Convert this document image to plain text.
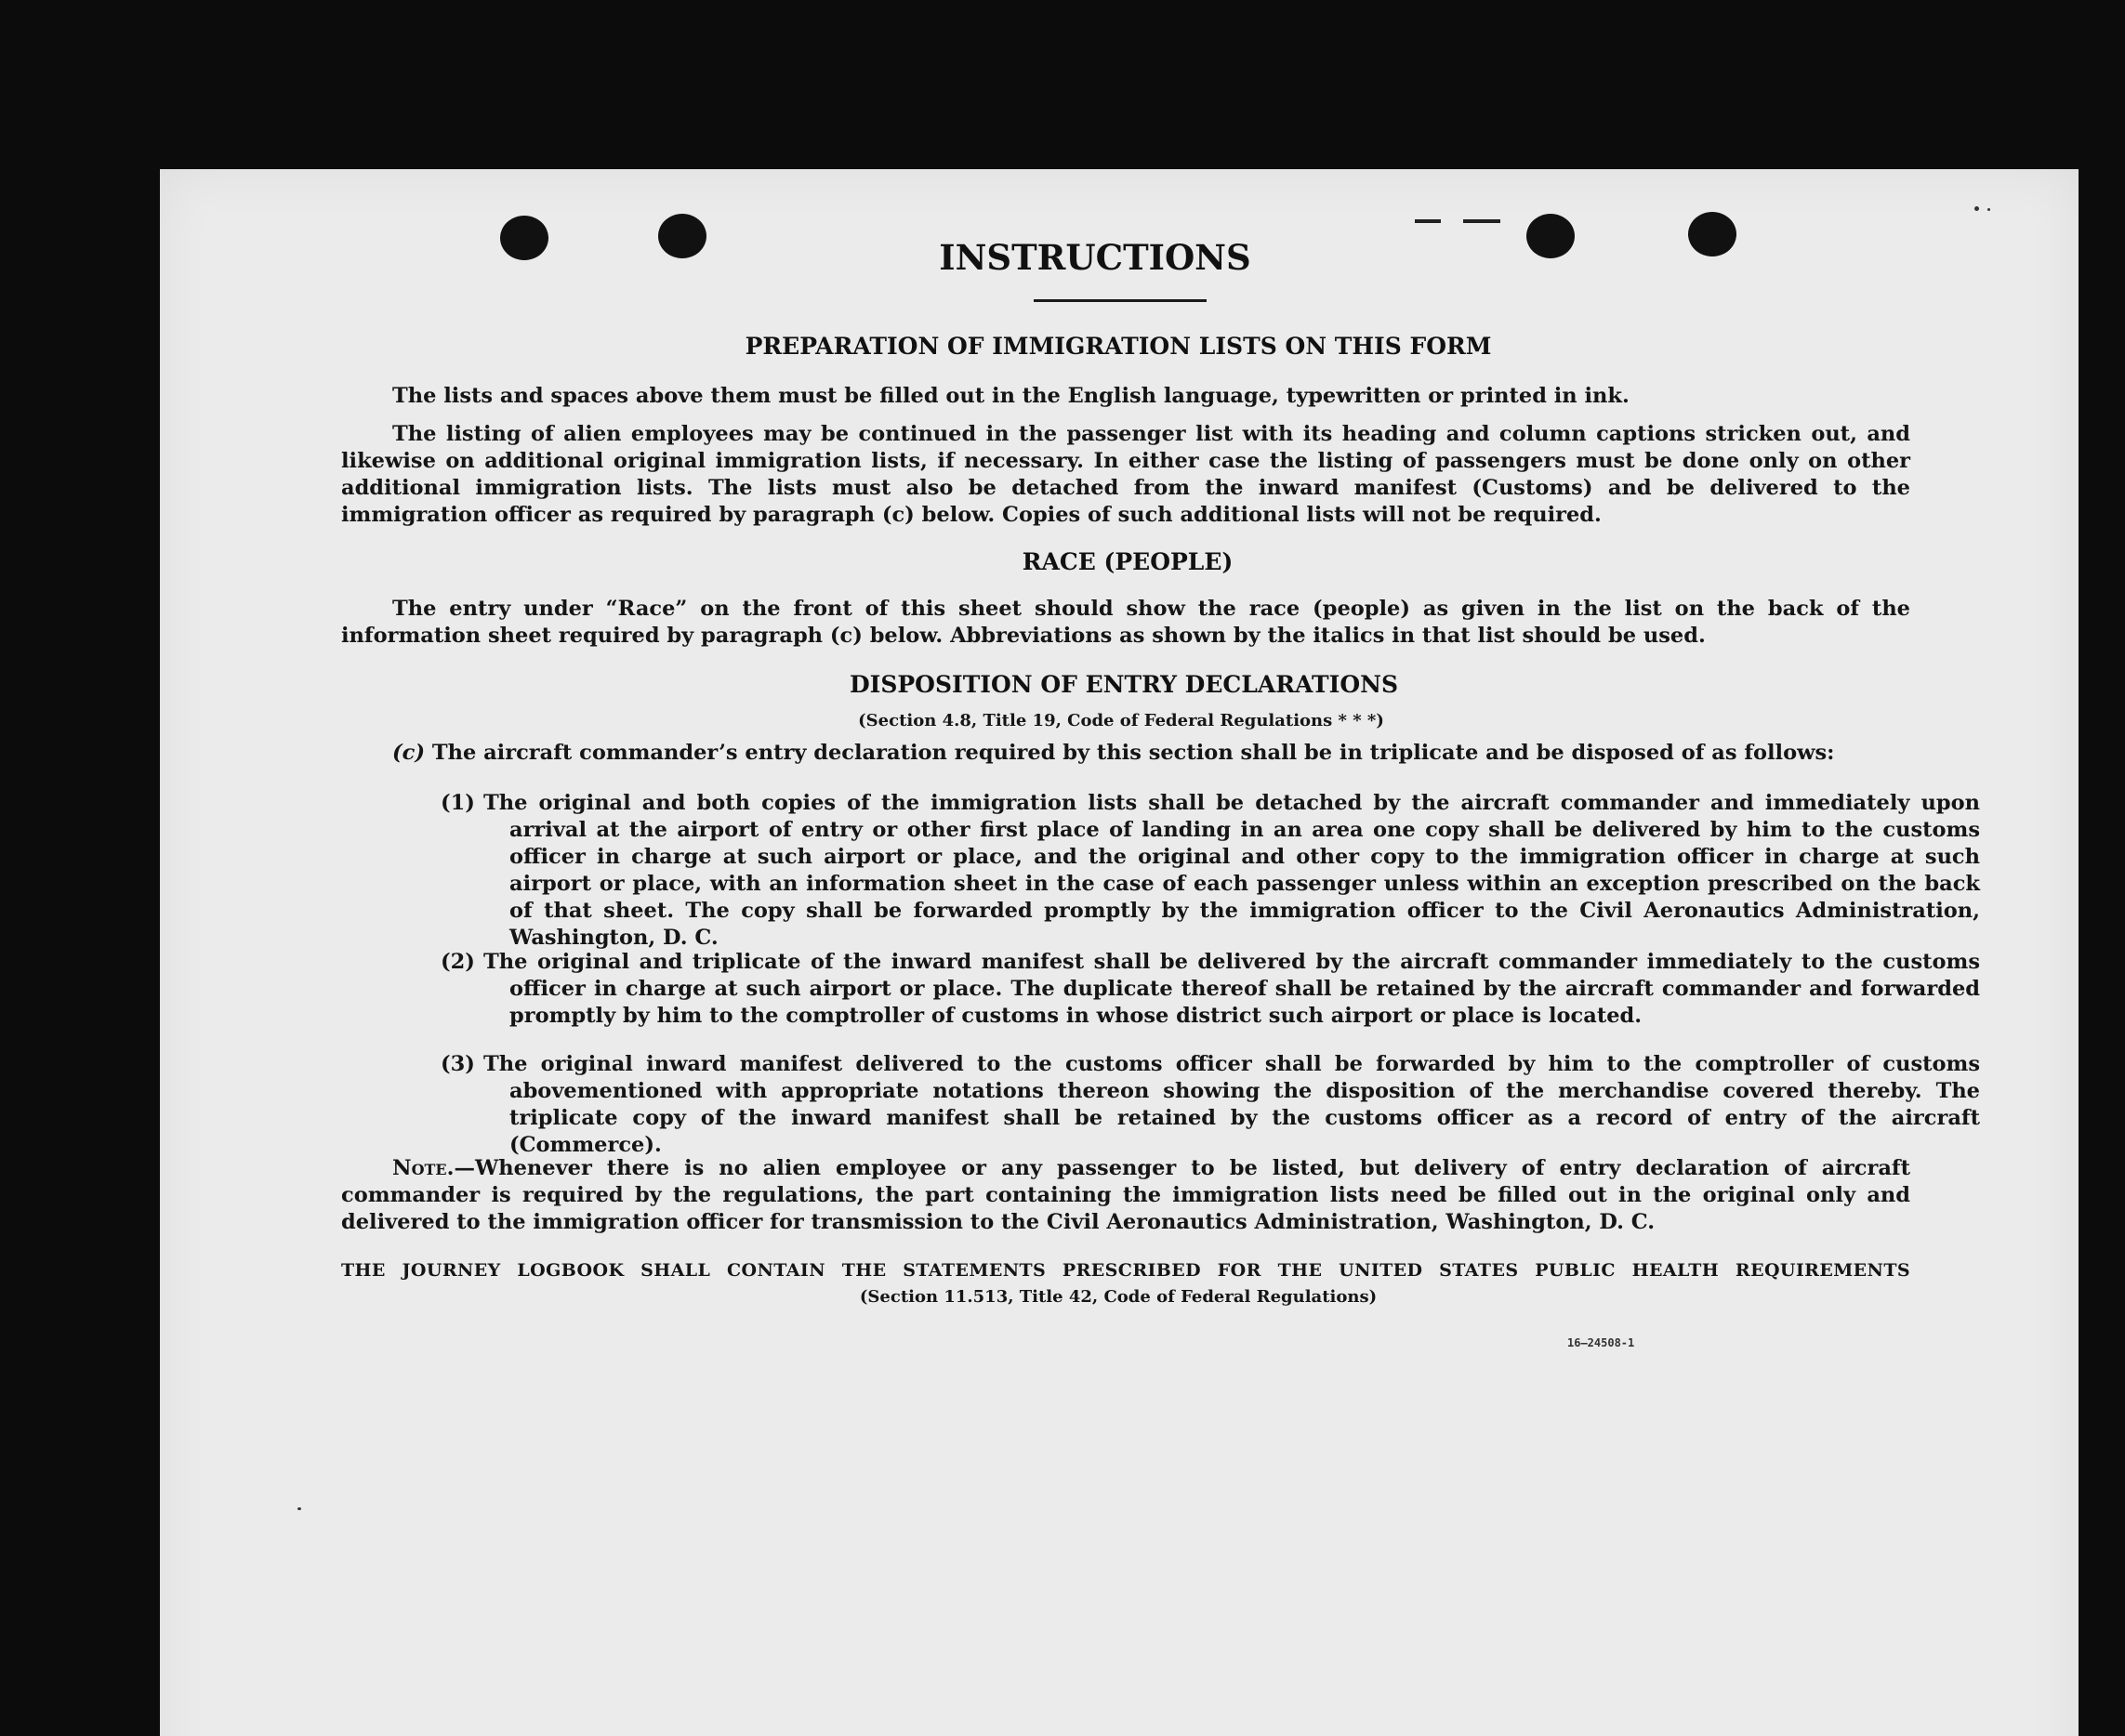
INSTRUCTIONS
PREPARATION OF IMMIGRATION LISTS ON THIS FORM
The lists and spaces above them must be filled out in the English language, typewritten or printed in ink.
The listing of alien employees may be continued in the passenger list with its heading and column captions stricken out, and likewise on additional original immigration lists, if necessary. In either case the listing of passengers must be done only on other additional immigration lists. The lists must also be detached from the inward manifest (Customs) and be delivered to the immigration officer as required by paragraph (c) below. Copies of such additional lists will not be required.
RACE (PEOPLE)
The entry under “Race” on the front of this sheet should show the race (people) as given in the list on the back of the information sheet required by paragraph (c) below. Abbreviations as shown by the italics in that list should be used.
DISPOSITION OF ENTRY DECLARATIONS
(Section 4.8, Title 19, Code of Federal Regulations * * *)
(c) The aircraft commander’s entry declaration required by this section shall be in triplicate and be disposed of as follows:
(1) The original and both copies of the immigration lists shall be detached by the aircraft commander and immediately upon arrival at the airport of entry or other first place of landing in an area one copy shall be delivered by him to the customs officer in charge at such airport or place, and the original and other copy to the immigration officer in charge at such airport or place, with an information sheet in the case of each passenger unless within an exception prescribed on the back of that sheet. The copy shall be forwarded promptly by the immigration officer to the Civil Aeronautics Administration, Washington, D. C.
(2) The original and triplicate of the inward manifest shall be delivered by the aircraft commander immediately to the customs officer in charge at such airport or place. The duplicate thereof shall be retained by the aircraft commander and forwarded promptly by him to the comptroller of customs in whose district such airport or place is located.
(3) The original inward manifest delivered to the customs officer shall be forwarded by him to the comptroller of customs abovementioned with appropriate notations thereon showing the disposition of the merchandise covered thereby. The triplicate copy of the inward manifest shall be retained by the customs officer as a record of entry of the aircraft (Commerce).
Note.—Whenever there is no alien employee or any passenger to be listed, but delivery of entry declaration of aircraft commander is required by the regulations, the part containing the immigration lists need be filled out in the original only and delivered to the immigration officer for transmission to the Civil Aeronautics Administration, Washington, D. C.
THE JOURNEY LOGBOOK SHALL CONTAIN THE STATEMENTS PRESCRIBED FOR THE UNITED STATES PUBLIC HEALTH REQUIREMENTS
(Section 11.513, Title 42, Code of Federal Regulations)
16—24508-1
